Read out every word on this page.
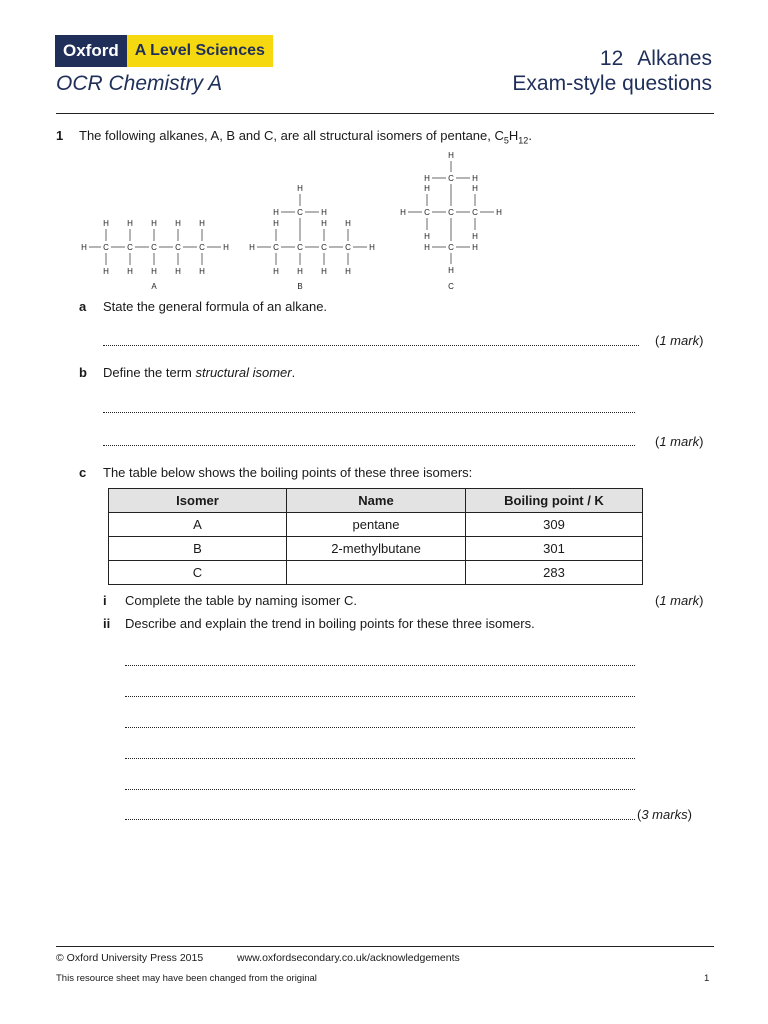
Oxford	A Level Sciences
OCR Chemistry A
12 Alkanes
Exam-style questions
1 The following alkanes, A, B and C, are all structural isomers of pentane, $C_5H_{12}$.
H C
H
H
C
H
H
C
H
H
C
H
H
C
H
H
H
A
H C
H
H
C
H
C
H
H
C
H
H
H
C
H
H	H
B
C
C	C
H	H
H
H
H
H
C
H
H	H
C
H
H	H
C
a State the general formula of an alkane.
(1 mark)
b Define the term structural isomer.
(1 mark)
c The table below shows the boiling points of these three isomers:
Isomer	Name	Boiling point / K
A	pentane	309
B	2-methylbutane	301
C		283
i Complete the table by naming isomer C.	(1 mark)
ii Describe and explain the trend in boiling points for these three isomers.
(3 marks)
© Oxford University Press 2015	www.oxfordsecondary.co.uk/acknowledgements
This resource sheet may have been changed from the original	1
